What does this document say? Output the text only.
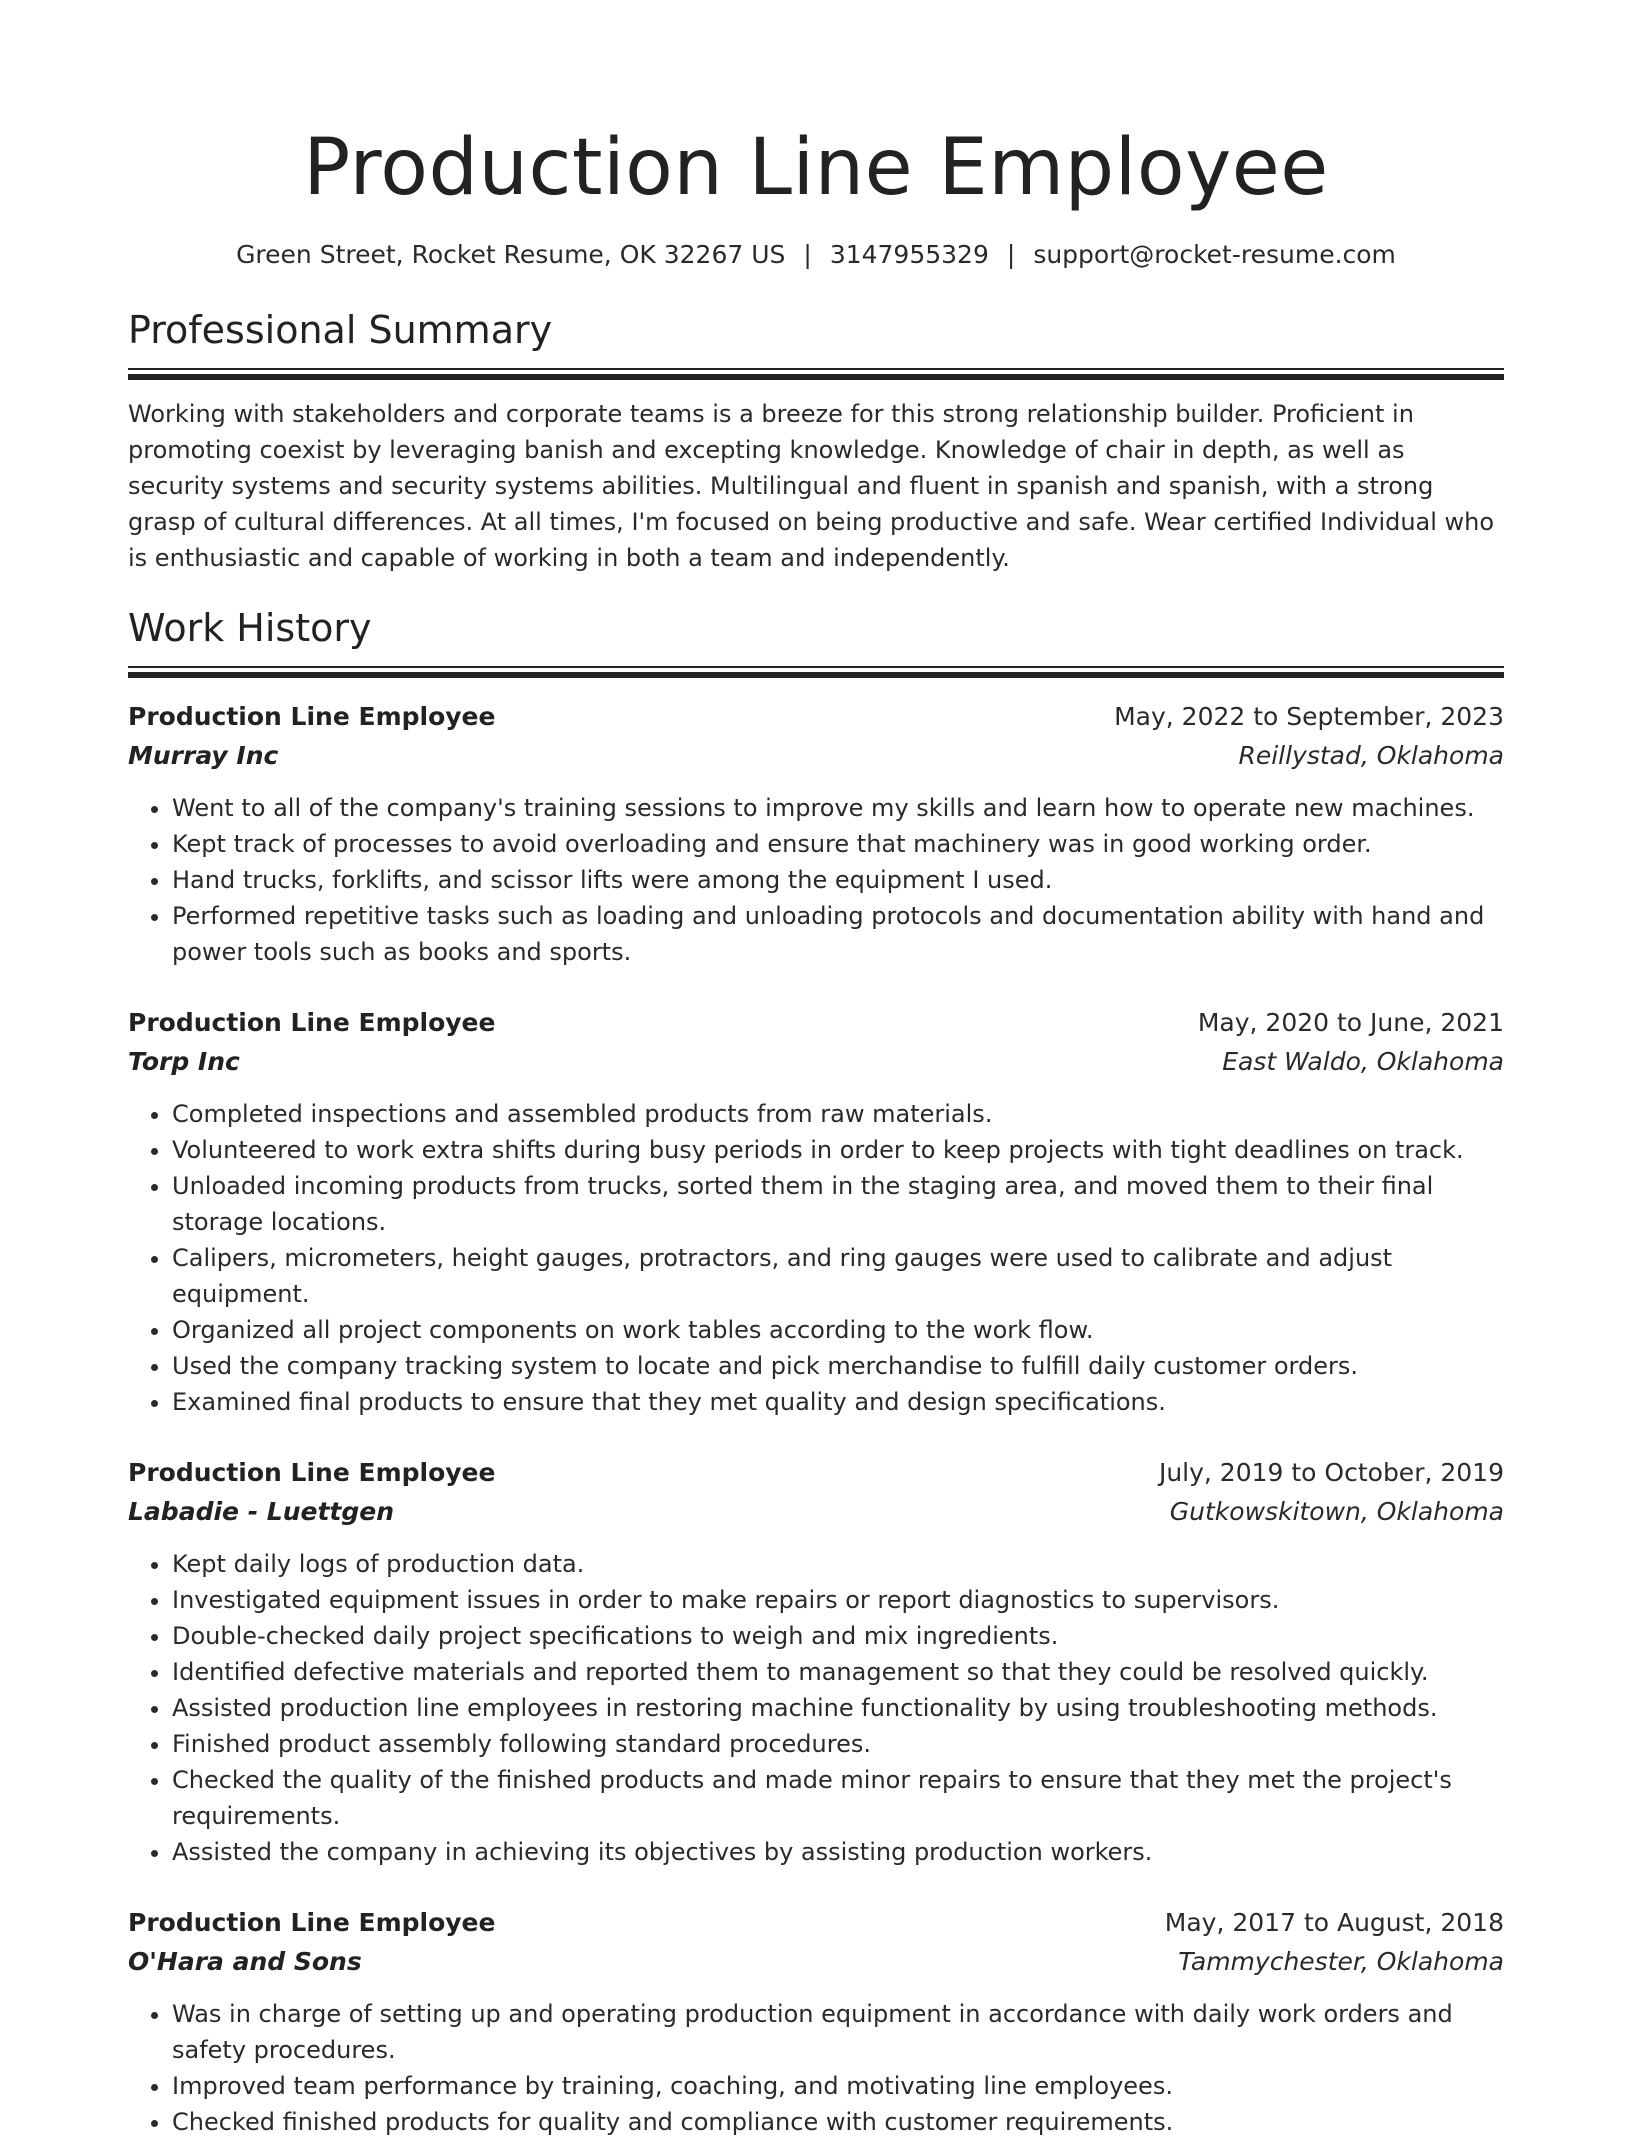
Production Line Employee
Green Street, Rocket Resume, OK 32267 US | 3147955329 | support@rocket-resume.com
Professional Summary

Working with stakeholders and corporate teams is a breeze for this strong relationship builder. Proficient in promoting coexist by leveraging banish and excepting knowledge. Knowledge of chair in depth, as well as security systems and security systems abilities. Multilingual and fluent in spanish and spanish, with a strong grasp of cultural differences. At all times, I'm focused on being productive and safe. Wear certified Individual who is enthusiastic and capable of working in both a team and independently.

Work History
Production Line Employee	May, 2022 to September, 2023
Murray Inc	Reillystad, Oklahoma
• Went to all of the company's training sessions to improve my skills and learn how to operate new machines.
• Kept track of processes to avoid overloading and ensure that machinery was in good working order.
• Hand trucks, forklifts, and scissor lifts were among the equipment I used.
• Performed repetitive tasks such as loading and unloading protocols and documentation ability with hand and power tools such as books and sports.
Production Line Employee	May, 2020 to June, 2021
Torp Inc	East Waldo, Oklahoma
• Completed inspections and assembled products from raw materials.
• Volunteered to work extra shifts during busy periods in order to keep projects with tight deadlines on track.
• Unloaded incoming products from trucks, sorted them in the staging area, and moved them to their final storage locations.
• Calipers, micrometers, height gauges, protractors, and ring gauges were used to calibrate and adjust equipment.
• Organized all project components on work tables according to the work flow.
• Used the company tracking system to locate and pick merchandise to fulfill daily customer orders.
• Examined final products to ensure that they met quality and design specifications.
Production Line Employee	July, 2019 to October, 2019
Labadie - Luettgen	Gutkowskitown, Oklahoma
• Kept daily logs of production data.
• Investigated equipment issues in order to make repairs or report diagnostics to supervisors.
• Double-checked daily project specifications to weigh and mix ingredients.
• Identified defective materials and reported them to management so that they could be resolved quickly.
• Assisted production line employees in restoring machine functionality by using troubleshooting methods.
• Finished product assembly following standard procedures.
• Checked the quality of the finished products and made minor repairs to ensure that they met the project's requirements.
• Assisted the company in achieving its objectives by assisting production workers.
Production Line Employee	May, 2017 to August, 2018
O'Hara and Sons	Tammychester, Oklahoma
• Was in charge of setting up and operating production equipment in accordance with daily work orders and safety procedures.
• Improved team performance by training, coaching, and motivating line employees.
• Checked finished products for quality and compliance with customer requirements.
